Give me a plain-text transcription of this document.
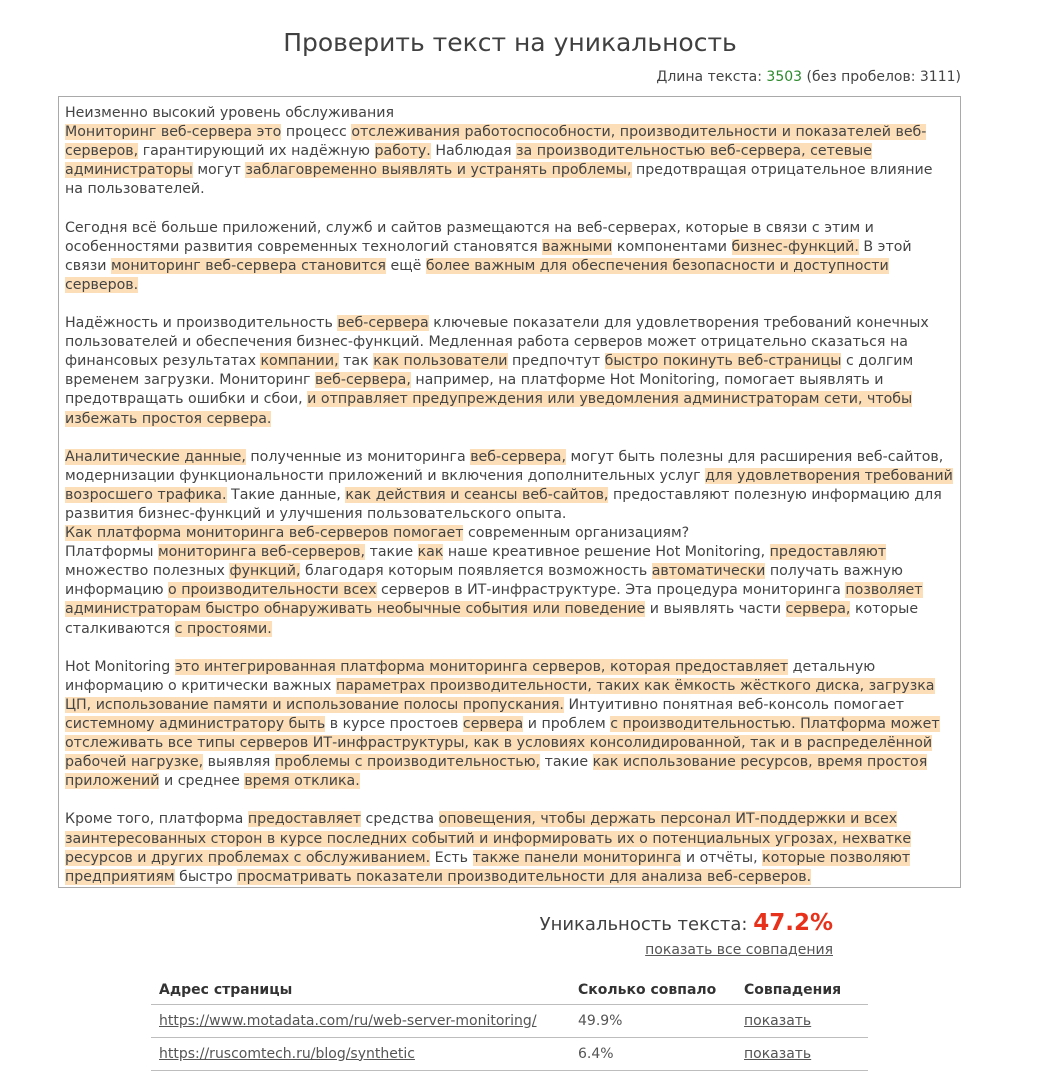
Проверить текст на уникальность
Длина текста: 3503 (без пробелов: 3111)
Неизменно высокий уровень обслуживания
Мониторинг веб-сервера это процесс отслеживания работоспособности, производительности и показателей веб-серверов, гарантирующий их надёжную работу. Наблюдая за производительностью веб-сервера, сетевые администраторы могут заблаговременно выявлять и устранять проблемы, предотвращая отрицательное влияние на пользователей.
Сегодня всё больше приложений, служб и сайтов размещаются на веб-серверах, которые в связи с этим и особенностями развития современных технологий становятся важными компонентами бизнес-функций. В этой связи мониторинг веб-сервера становится ещё более важным для обеспечения безопасности и доступности серверов.
Надёжность и производительность веб-сервера ключевые показатели для удовлетворения требований конечных пользователей и обеспечения бизнес-функций. Медленная работа серверов может отрицательно сказаться на финансовых результатах компании, так как пользователи предпочтут быстро покинуть веб-страницы с долгим временем загрузки. Мониторинг веб-сервера, например, на платформе Hot Monitoring, помогает выявлять и предотвращать ошибки и сбои, и отправляет предупреждения или уведомления администраторам сети, чтобы избежать простоя сервера.
Аналитические данные, полученные из мониторинга веб-сервера, могут быть полезны для расширения веб-сайтов, модернизации функциональности приложений и включения дополнительных услуг для удовлетворения требований возросшего трафика. Такие данные, как действия и сеансы веб-сайтов, предоставляют полезную информацию для развития бизнес-функций и улучшения пользовательского опыта.
Как платформа мониторинга веб-серверов помогает современным организациям?
Платформы мониторинга веб-серверов, такие как наше креативное решение Hot Monitoring, предоставляют множество полезных функций, благодаря которым появляется возможность автоматически получать важную информацию о производительности всех серверов в ИТ-инфраструктуре. Эта процедура мониторинга позволяет администраторам быстро обнаруживать необычные события или поведение и выявлять части сервера, которые сталкиваются с простоями.
Hot Monitoring это интегрированная платформа мониторинга серверов, которая предоставляет детальную информацию о критически важных параметрах производительности, таких как ёмкость жёсткого диска, загрузка ЦП, использование памяти и использование полосы пропускания. Интуитивно понятная веб-консоль помогает системному администратору быть в курсе простоев сервера и проблем с производительностью. Платформа может отслеживать все типы серверов ИТ-инфраструктуры, как в условиях консолидированной, так и в распределённой рабочей нагрузке, выявляя проблемы с производительностью, такие как использование ресурсов, время простоя приложений и среднее время отклика.
Кроме того, платформа предоставляет средства оповещения, чтобы держать персонал ИТ-поддержки и всех заинтересованных сторон в курсе последних событий и информировать их о потенциальных угрозах, нехватке ресурсов и других проблемах с обслуживанием. Есть также панели мониторинга и отчёты, которые позволяют предприятиям быстро просматривать показатели производительности для анализа веб-серверов.
Уникальность текста: 47.2%
показать все совпадения
Адрес страницы	Сколько совпало	Совпадения
https://www.motadata.com/ru/web-server-monitoring/	49.9%	показать
https://ruscomtech.ru/blog/synthetic	6.4%	показать
